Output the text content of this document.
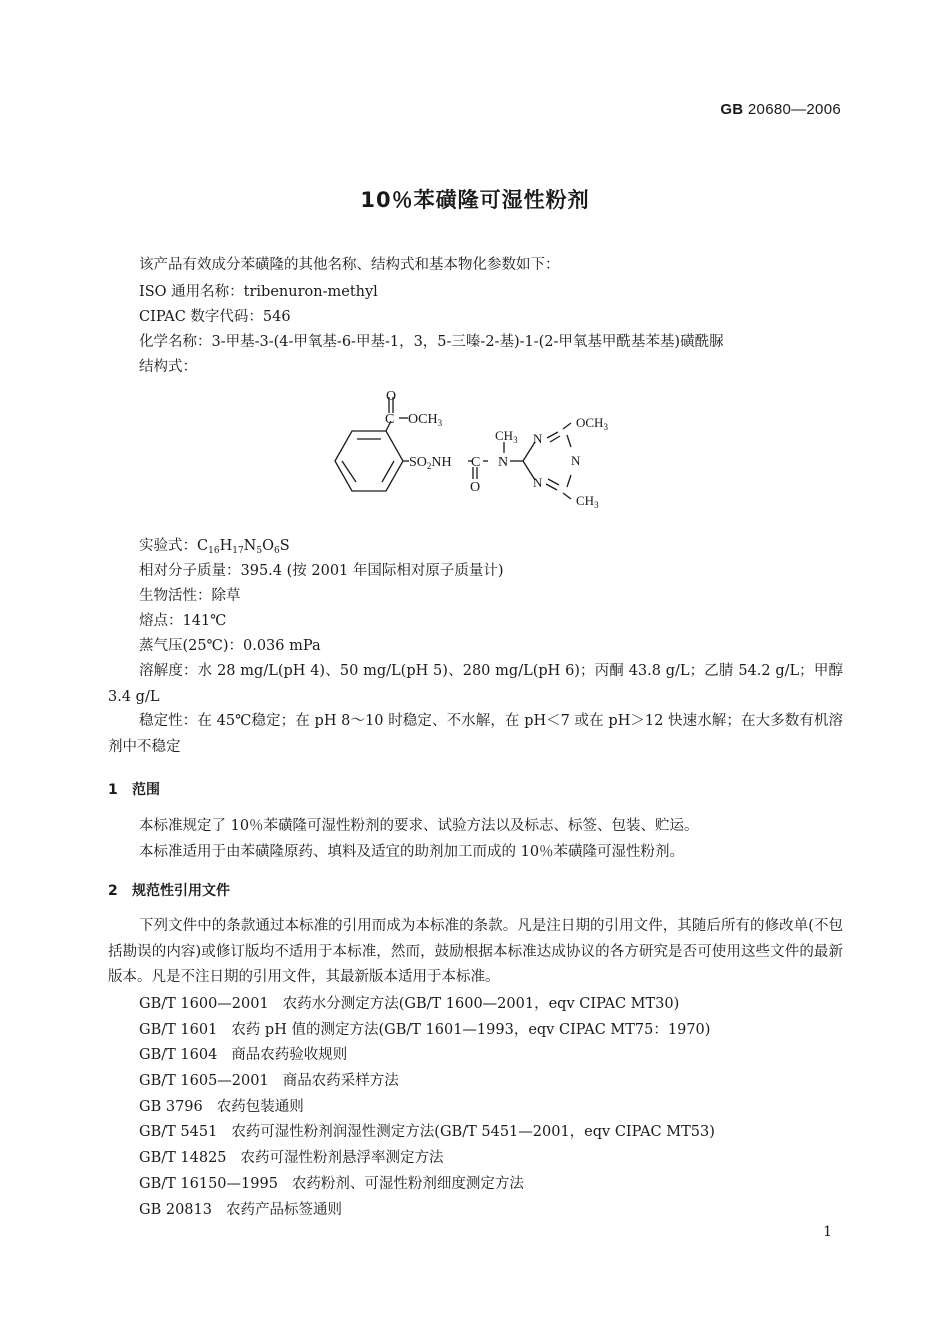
GB 20680—2006
10％苯磺隆可湿性粉剂
该产品有效成分苯磺隆的其他名称、结构式和基本物化参数如下：
ISO 通用名称：tribenuron-methyl
CIPAC 数字代码：546
化学名称：3-甲基-3-(4-甲氧基-6-甲基-1，3，5-三嗪-2-基)-1-(2-甲氧基甲酰基苯基)磺酰脲
结构式：
O
C $OCH_3$
$SO_2NH$ C
O
N
$CH_3$ N
N
N
$OCH_3$
$CH_3$
实验式：$C_{16}H_{17}N_5O_6S$
相对分子质量：395.4 (按 2001 年国际相对原子质量计)
生物活性：除草
熔点：141℃
蒸气压(25℃)：0.036 mPa
溶解度：水 28 mg/L(pH 4)、50 mg/L(pH 5)、280 mg/L(pH 6)；丙酮 43.8 g/L；乙腈 54.2 g/L；甲醇 3.4 g/L
稳定性：在 45℃稳定；在 pH 8～10 时稳定、不水解，在 pH＜7 或在 pH＞12 快速水解；在大多数有机溶剂中不稳定
1 范围
本标准规定了 10％苯磺隆可湿性粉剂的要求、试验方法以及标志、标签、包装、贮运。
本标准适用于由苯磺隆原药、填料及适宜的助剂加工而成的 10％苯磺隆可湿性粉剂。
2 规范性引用文件
下列文件中的条款通过本标准的引用而成为本标准的条款。凡是注日期的引用文件，其随后所有的修改单(不包括勘误的内容)或修订版均不适用于本标准，然而，鼓励根据本标准达成协议的各方研究是否可使用这些文件的最新版本。凡是不注日期的引用文件，其最新版本适用于本标准。
GB/T 1600—2001 农药水分测定方法(GB/T 1600—2001，eqv CIPAC MT30)
GB/T 1601 农药 pH 值的测定方法(GB/T 1601—1993，eqv CIPAC MT75：1970)
GB/T 1604 商品农药验收规则
GB/T 1605—2001 商品农药采样方法
GB 3796 农药包装通则
GB/T 5451 农药可湿性粉剂润湿性测定方法(GB/T 5451—2001，eqv CIPAC MT53)
GB/T 14825 农药可湿性粉剂悬浮率测定方法
GB/T 16150—1995 农药粉剂、可湿性粉剂细度测定方法
GB 20813 农药产品标签通则
1
